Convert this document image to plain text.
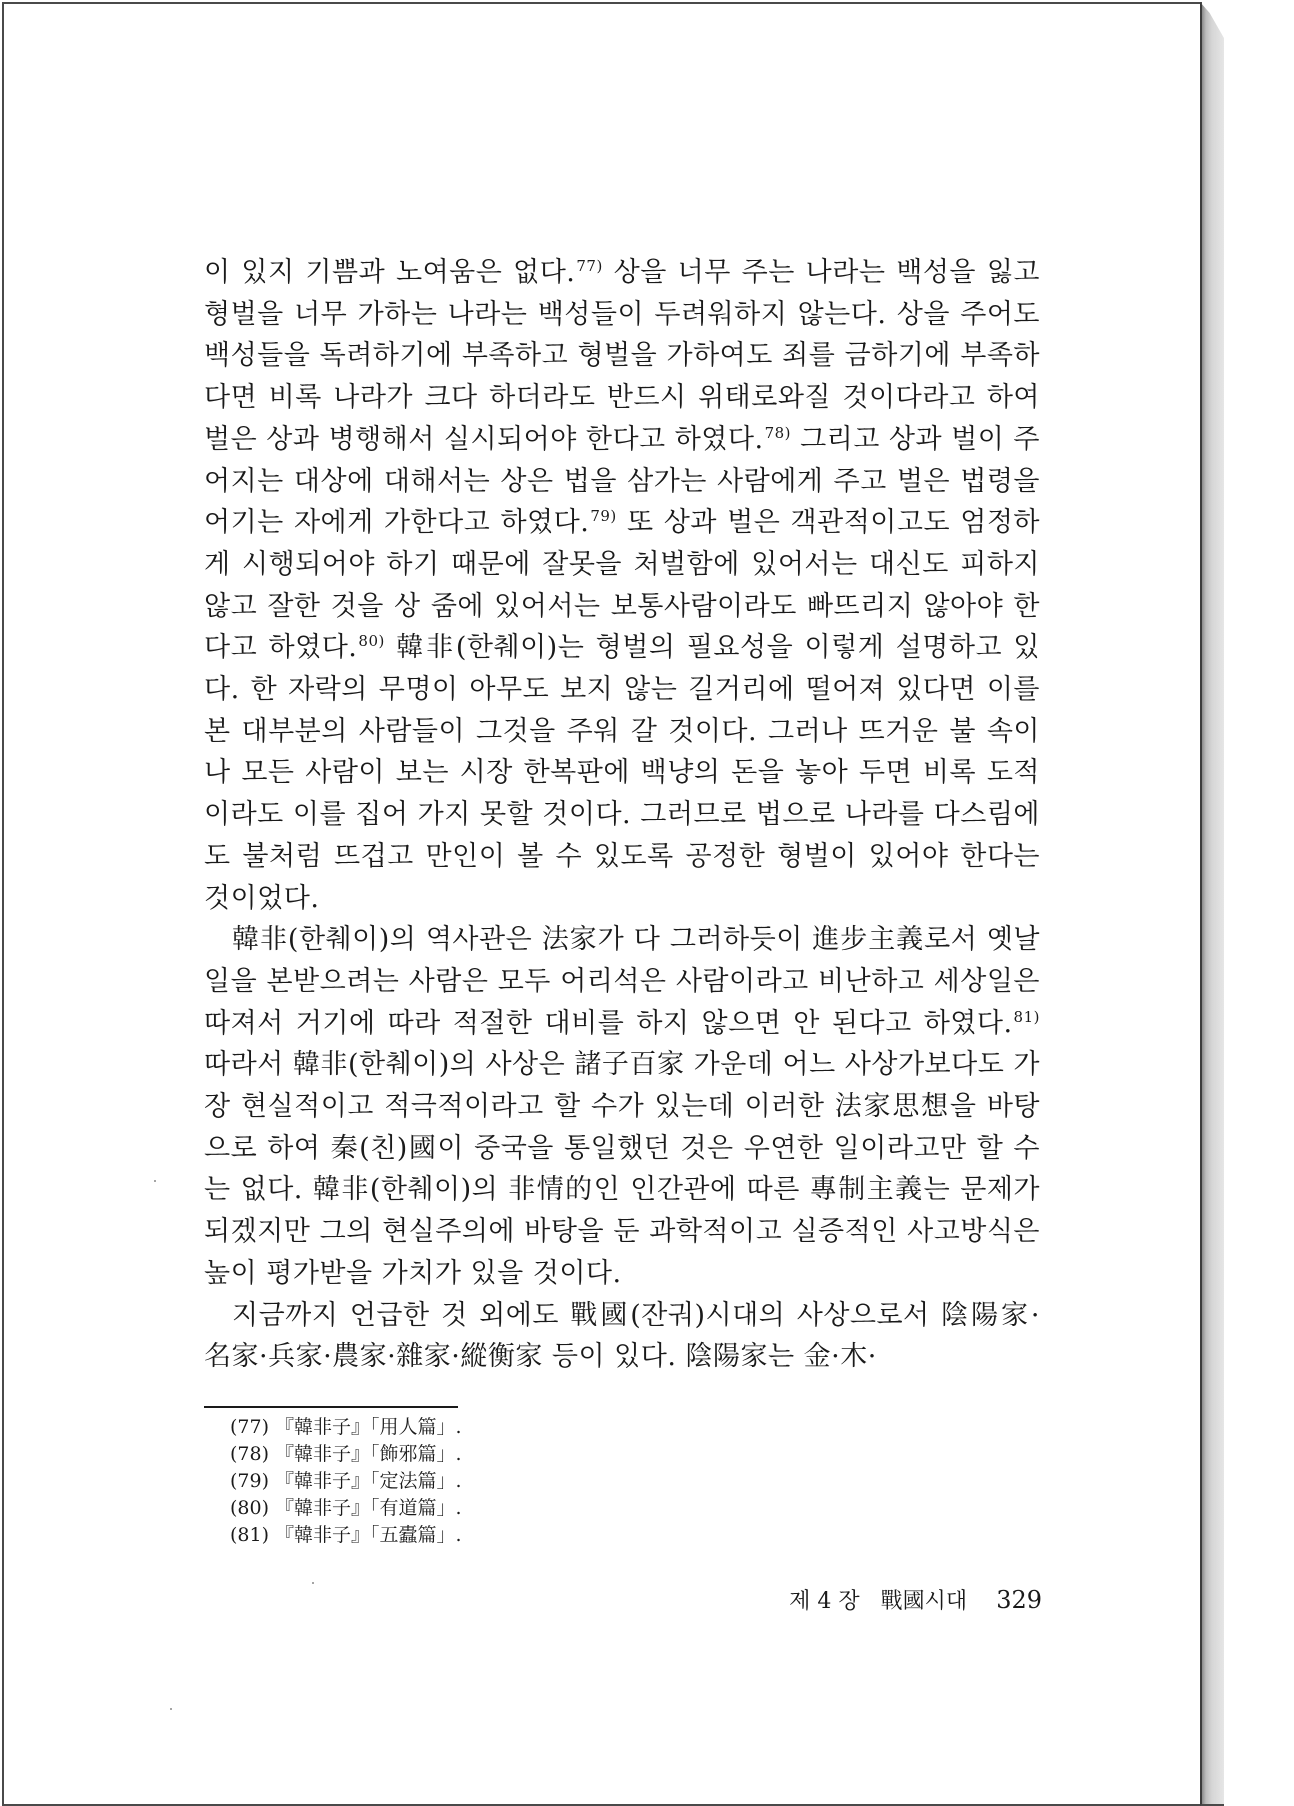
이 있지 기쁨과 노여움은 없다.$^{77)}$ 상을 너무 주는 나라는 백성을 잃고 형벌을 너무 가하는 나라는 백성들이 두려워하지 않는다. 상을 주어도 백성들을 독려하기에 부족하고 형벌을 가하여도 죄를 금하기에 부족하다면 비록 나라가 크다 하더라도 반드시 위태로와질 것이다라고 하여 벌은 상과 병행해서 실시되어야 한다고 하였다.$^{78)}$ 그리고 상과 벌이 주어지는 대상에 대해서는 상은 법을 삼가는 사람에게 주고 벌은 법령을 어기는 자에게 가한다고 하였다.$^{79)}$ 또 상과 벌은 객관적이고도 엄정하게 시행되어야 하기 때문에 잘못을 처벌함에 있어서는 대신도 피하지 않고 잘한 것을 상 줌에 있어서는 보통사람이라도 빠뜨리지 않아야 한다고 하였다.$^{80)}$ 韓非(한췌이)는 형벌의 필요성을 이렇게 설명하고 있다. 한 자락의 무명이 아무도 보지 않는 길거리에 떨어져 있다면 이를 본 대부분의 사람들이 그것을 주워 갈 것이다. 그러나 뜨거운 불 속이나 모든 사람이 보는 시장 한복판에 백냥의 돈을 놓아 두면 비록 도적이라도 이를 집어 가지 못할 것이다. 그러므로 법으로 나라를 다스림에도 불처럼 뜨겁고 만인이 볼 수 있도록 공정한 형벌이 있어야 한다는 것이었다.

韓非(한췌이)의 역사관은 法家가 다 그러하듯이 進步主義로서 옛날 일을 본받으려는 사람은 모두 어리석은 사람이라고 비난하고 세상일은 따져서 거기에 따라 적절한 대비를 하지 않으면 안 된다고 하였다.$^{81)}$ 따라서 韓非(한췌이)의 사상은 諸子百家 가운데 어느 사상가보다도 가장 현실적이고 적극적이라고 할 수가 있는데 이러한 法家思想을 바탕으로 하여 秦(친)國이 중국을 통일했던 것은 우연한 일이라고만 할 수는 없다. 韓非(한췌이)의 非情的인 인간관에 따른 專制主義는 문제가 되겠지만 그의 현실주의에 바탕을 둔 과학적이고 실증적인 사고방식은 높이 평가받을 가치가 있을 것이다.

지금까지 언급한 것 외에도 戰國(잔궈)시대의 사상으로서 陰陽家·名家·兵家·農家·雜家·縱衡家 등이 있다. 陰陽家는 金·木·

(77) 『韓非子』「用人篇」.
(78) 『韓非子』「飾邪篇」.
(79) 『韓非子』「定法篇」.
(80) 『韓非子』「有道篇」.
(81) 『韓非子』「五蠹篇」.
제 4 장 戰國시대 329
